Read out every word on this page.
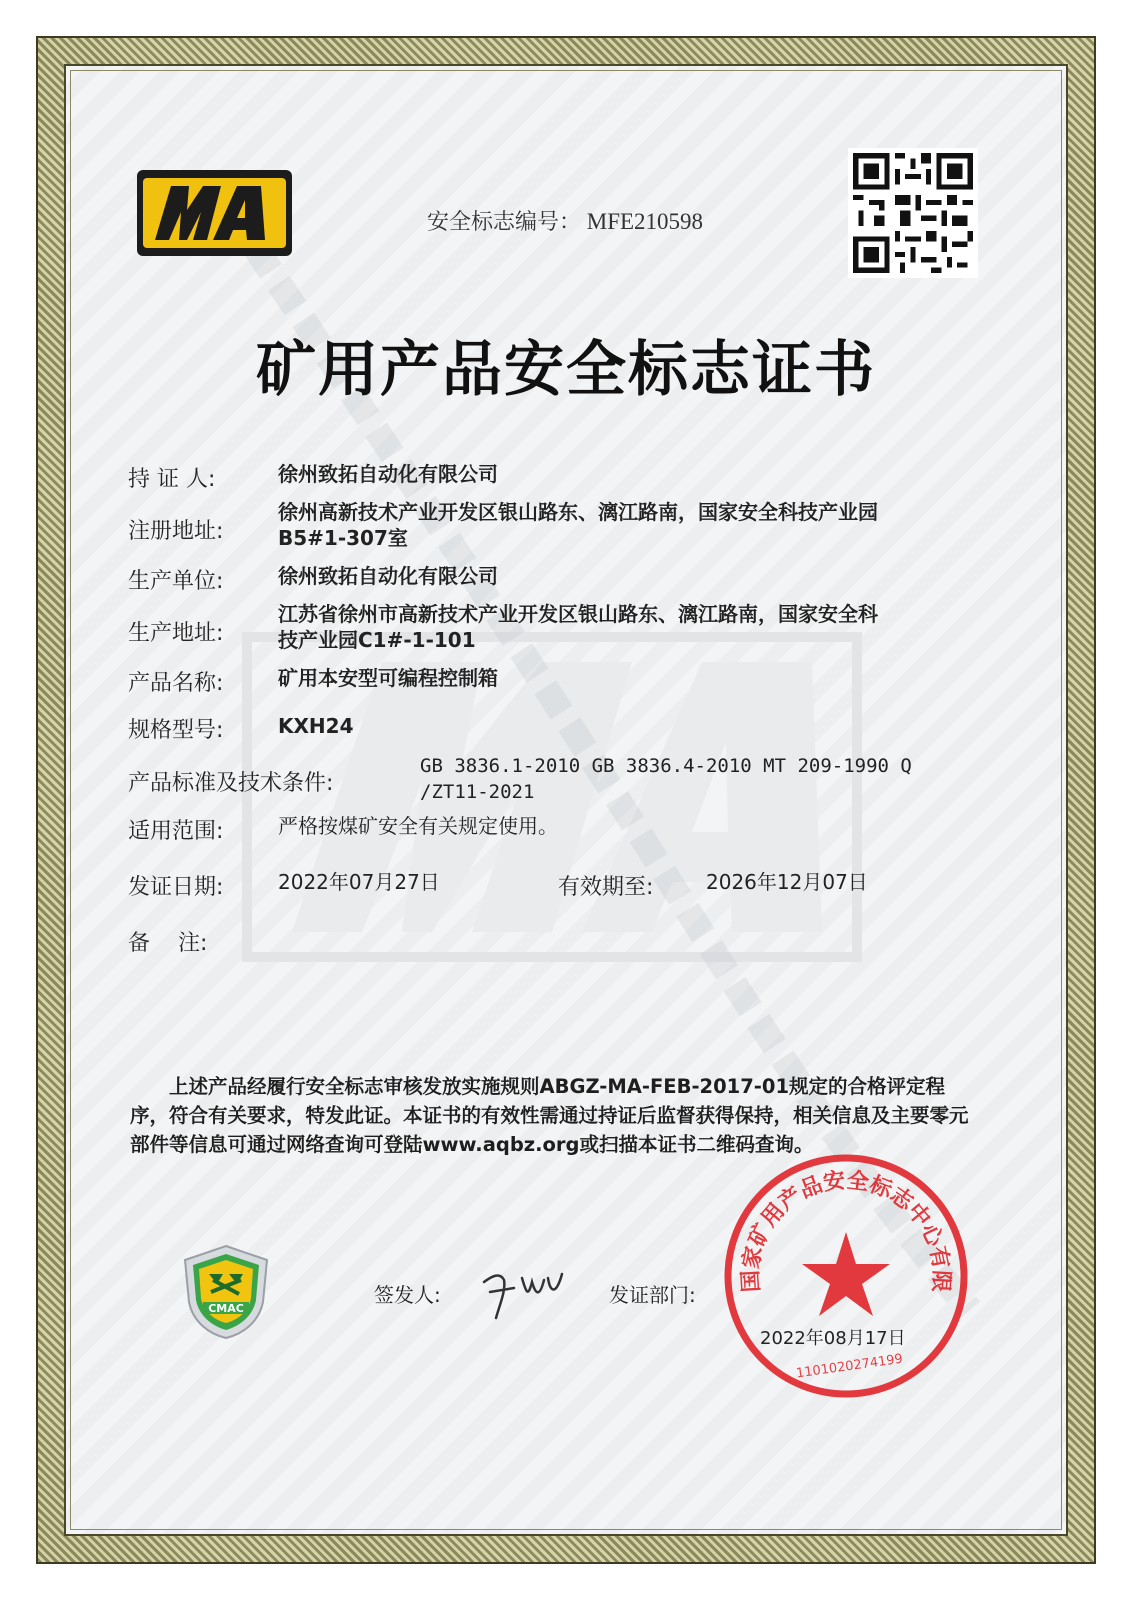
安全标志编号： MFE210598
矿用产品安全标志证书
持 证 人:	徐州致拓自动化有限公司
注册地址:
徐州高新技术产业开发区银山路东、漓江路南，国家安全科技产业园
B5#1-307室
生产单位:	徐州致拓自动化有限公司
生产地址:
江苏省徐州市高新技术产业开发区银山路东、漓江路南，国家安全科
技产业园C1#-1-101
产品名称:	矿用本安型可编程控制箱
规格型号:	KXH24
产品标准及技术条件:
GB 3836.1-2010 GB 3836.4-2010 MT 209-1990 Q
/ZT11-2021
适用范围:	严格按煤矿安全有关规定使用。
发证日期:	2022年07月27日	有效期至:	2026年12月07日
备    注:
上述产品经履行安全标志审核发放实施规则ABGZ-MA-FEB-2017-01规定的合格评定程序，符合有关要求，特发此证。本证书的有效性需通过持证后监督获得保持，相关信息及主要零元部件等信息可通过网络查询可登陆www.aqbz.org或扫描本证书二维码查询。
CMAC
签发人:	发证部门:
国家矿用产品安全标志中心有限
1101020274199
2022年08月17日
